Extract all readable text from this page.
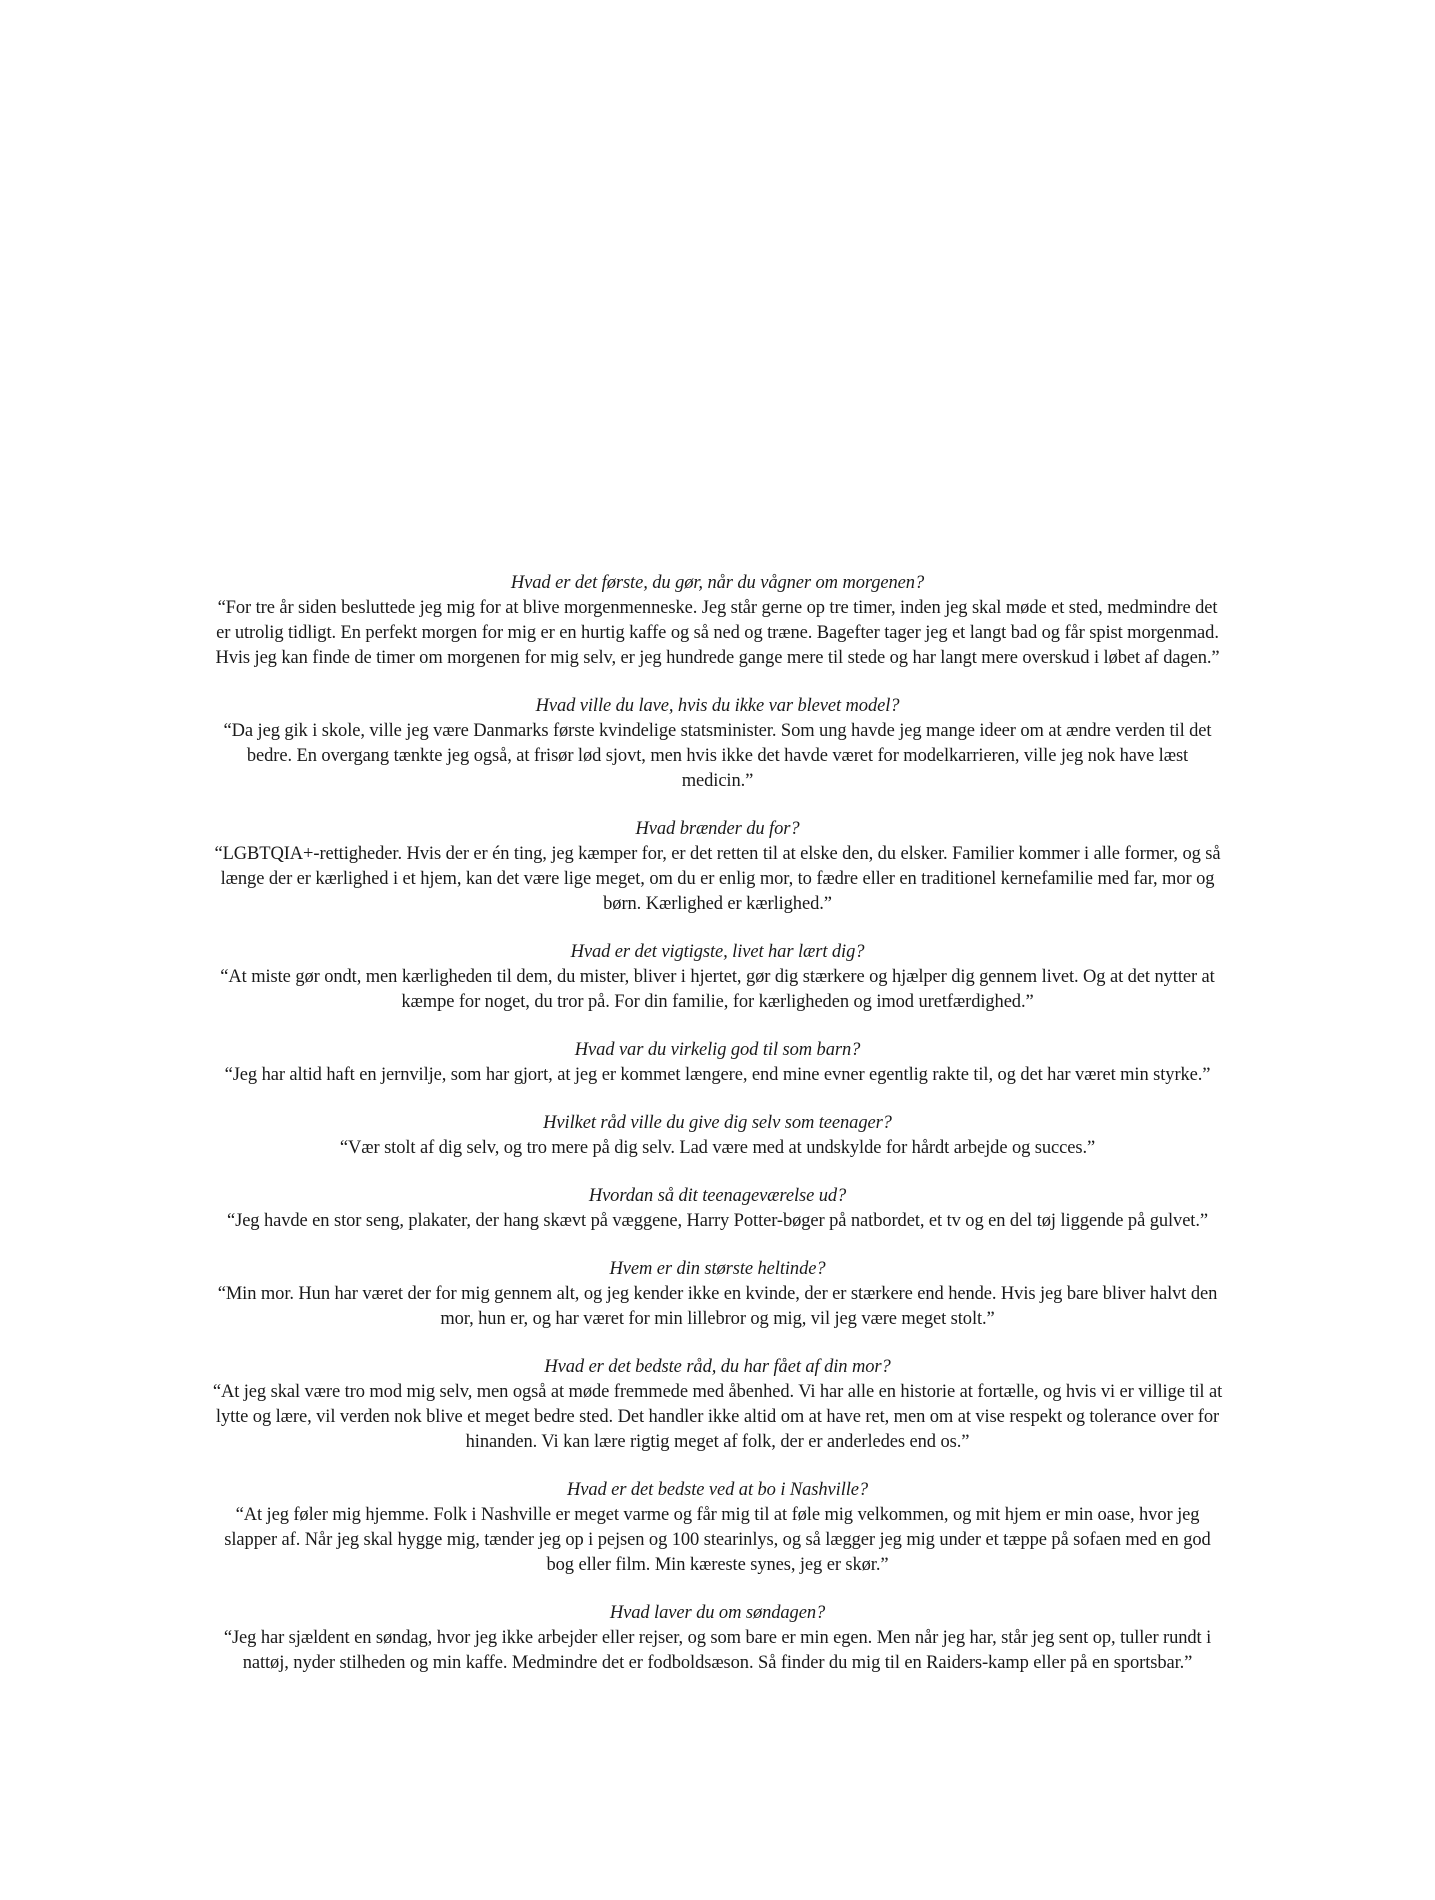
Hvad er det første, du gør, når du vågner om morgenen?
“For tre år siden besluttede jeg mig for at blive morgenmenneske. Jeg står gerne op tre timer, inden jeg skal møde et sted, medmindre det er utrolig tidligt. En perfekt morgen for mig er en hurtig kaffe og så ned og træne. Bagefter tager jeg et langt bad og får spist morgenmad. Hvis jeg kan finde de timer om morgenen for mig selv, er jeg hundrede gange mere til stede og har langt mere overskud i løbet af dagen.”
Hvad ville du lave, hvis du ikke var blevet model?
“Da jeg gik i skole, ville jeg være Danmarks første kvindelige statsminister. Som ung havde jeg mange ideer om at ændre verden til det bedre. En overgang tænkte jeg også, at frisør lød sjovt, men hvis ikke det havde været for modelkarrieren, ville jeg nok have læst medicin.”
Hvad brænder du for?
“LGBTQIA+-rettigheder. Hvis der er én ting, jeg kæmper for, er det retten til at elske den, du elsker. Familier kommer i alle former, og så længe der er kærlighed i et hjem, kan det være lige meget, om du er enlig mor, to fædre eller en traditionel kernefamilie med far, mor og børn. Kærlighed er kærlighed.”
Hvad er det vigtigste, livet har lært dig?
“At miste gør ondt, men kærligheden til dem, du mister, bliver i hjertet, gør dig stærkere og hjælper dig gennem livet. Og at det nytter at kæmpe for noget, du tror på. For din familie, for kærligheden og imod uretfærdighed.”
Hvad var du virkelig god til som barn?
“Jeg har altid haft en jernvilje, som har gjort, at jeg er kommet længere, end mine evner egentlig rakte til, og det har været min styrke.”
Hvilket råd ville du give dig selv som teenager?
“Vær stolt af dig selv, og tro mere på dig selv. Lad være med at undskylde for hårdt arbejde og succes.”
Hvordan så dit teenageværelse ud?
“Jeg havde en stor seng, plakater, der hang skævt på væggene, Harry Potter-bøger på natbordet, et tv og en del tøj liggende på gulvet.”
Hvem er din største heltinde?
“Min mor. Hun har været der for mig gennem alt, og jeg kender ikke en kvinde, der er stærkere end hende. Hvis jeg bare bliver halvt den mor, hun er, og har været for min lillebror og mig, vil jeg være meget stolt.”
Hvad er det bedste råd, du har fået af din mor?
“At jeg skal være tro mod mig selv, men også at møde fremmede med åbenhed. Vi har alle en historie at fortælle, og hvis vi er villige til at lytte og lære, vil verden nok blive et meget bedre sted. Det handler ikke altid om at have ret, men om at vise respekt og tolerance over for hinanden. Vi kan lære rigtig meget af folk, der er anderledes end os.”
Hvad er det bedste ved at bo i Nashville?
“At jeg føler mig hjemme. Folk i Nashville er meget varme og får mig til at føle mig velkommen, og mit hjem er min oase, hvor jeg slapper af. Når jeg skal hygge mig, tænder jeg op i pejsen og 100 stearinlys, og så lægger jeg mig under et tæppe på sofaen med en god bog eller film. Min kæreste synes, jeg er skør.”
Hvad laver du om søndagen?
“Jeg har sjældent en søndag, hvor jeg ikke arbejder eller rejser, og som bare er min egen. Men når jeg har, står jeg sent op, tuller rundt i nattøj, nyder stilheden og min kaffe. Medmindre det er fodboldsæson. Så finder du mig til en Raiders-kamp eller på en sportsbar.”
